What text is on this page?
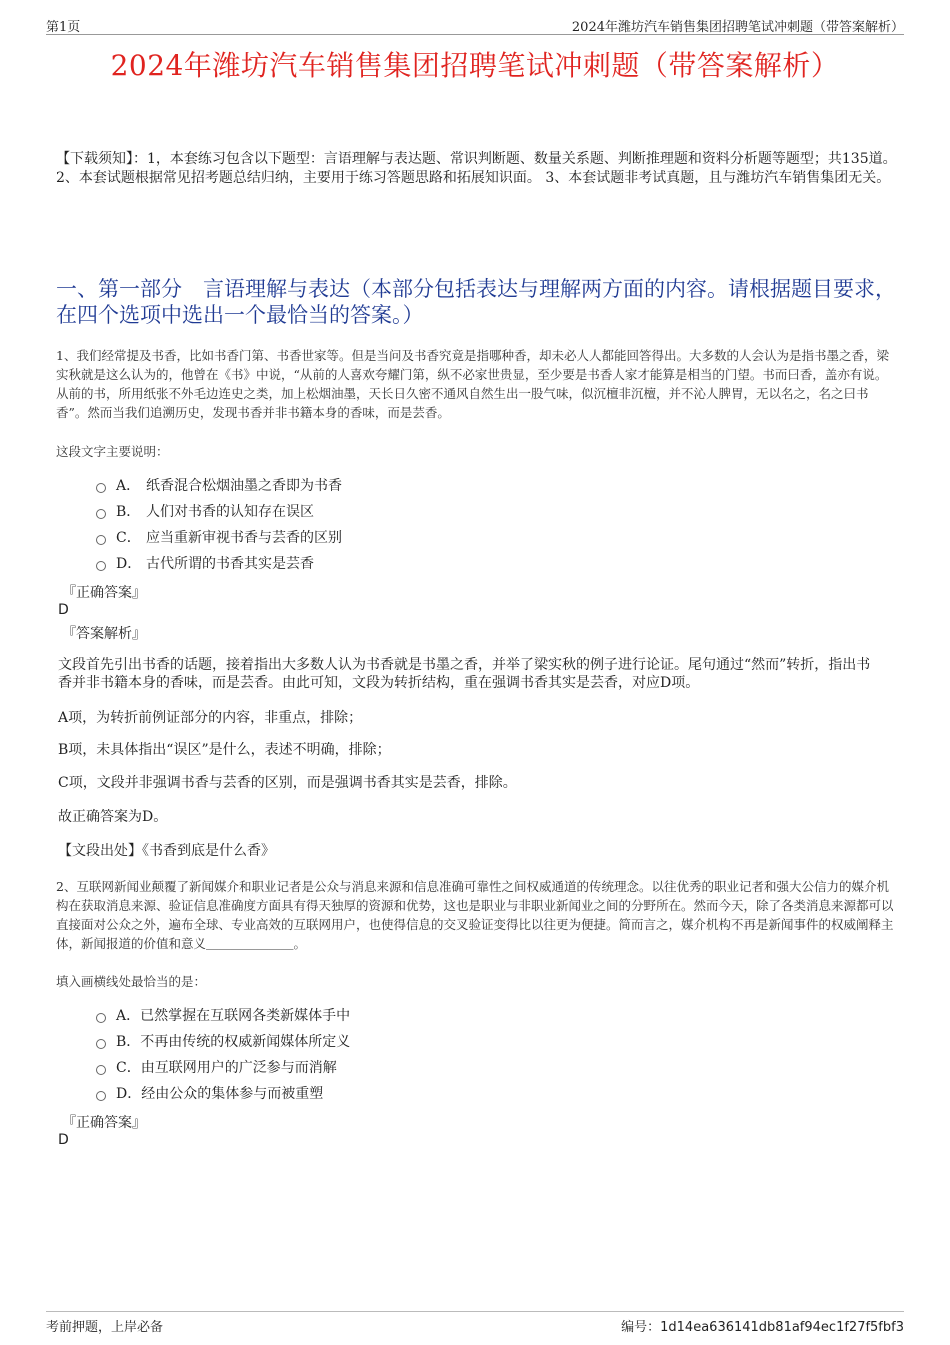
第1页	2024年潍坊汽车销售集团招聘笔试冲刺题（带答案解析）
2024年潍坊汽车销售集团招聘笔试冲刺题（带答案解析）
【下载须知】：1，本套练习包含以下题型：言语理解与表达题、常识判断题、数量关系题、判断推理题和资料分析题等题型；共135道。 2、本套试题根据常见招考题总结归纳，主要用于练习答题思路和拓展知识面。 3、本套试题非考试真题，且与潍坊汽车销售集团无关。
一、第一部分　言语理解与表达（本部分包括表达与理解两方面的内容。请根据题目要求，在四个选项中选出一个最恰当的答案。）
1、我们经常提及书香，比如书香门第、书香世家等。但是当问及书香究竟是指哪种香，却未必人人都能回答得出。大多数的人会认为是指书墨之香，梁实秋就是这么认为的，他曾在《书》中说，“从前的人喜欢夸耀门第，纵不必家世贵显，至少要是书香人家才能算是相当的门望。书而曰香，盖亦有说。从前的书，所用纸张不外毛边连史之类，加上松烟油墨，天长日久密不通风自然生出一股气味，似沉檀非沉檀，并不沁人脾胃，无以名之，名之曰书香”。然而当我们追溯历史，发现书香并非书籍本身的香味，而是芸香。
这段文字主要说明：
A． 纸香混合松烟油墨之香即为书香
B． 人们对书香的认知存在误区
C． 应当重新审视书香与芸香的区别
D． 古代所谓的书香其实是芸香
『正确答案』
D
『答案解析』
文段首先引出书香的话题，接着指出大多数人认为书香就是书墨之香，并举了梁实秋的例子进行论证。尾句通过“然而”转折，指出书香并非书籍本身的香味，而是芸香。由此可知，文段为转折结构，重在强调书香其实是芸香，对应D项。
A项，为转折前例证部分的内容，非重点，排除；
B项，未具体指出“误区”是什么，表述不明确，排除；
C项，文段并非强调书香与芸香的区别，而是强调书香其实是芸香，排除。
故正确答案为D。
【文段出处】《书香到底是什么香》
2、互联网新闻业颠覆了新闻媒介和职业记者是公众与消息来源和信息准确可靠性之间权威通道的传统理念。以往优秀的职业记者和强大公信力的媒介机构在获取消息来源、验证信息准确度方面具有得天独厚的资源和优势，这也是职业与非职业新闻业之间的分野所在。然而今天，除了各类消息来源都可以直接面对公众之外，遍布全球、专业高效的互联网用户，也使得信息的交叉验证变得比以往更为便捷。简而言之，媒介机构不再是新闻事件的权威阐释主体，新闻报道的价值和意义＿＿＿＿＿＿＿。
填入画横线处最恰当的是：
A． 已然掌握在互联网各类新媒体手中
B． 不再由传统的权威新闻媒体所定义
C． 由互联网用户的广泛参与而消解
D． 经由公众的集体参与而被重塑
『正确答案』
D
考前押题，上岸必备	编号：1d14ea636141db81af94ec1f27f5fbf3
